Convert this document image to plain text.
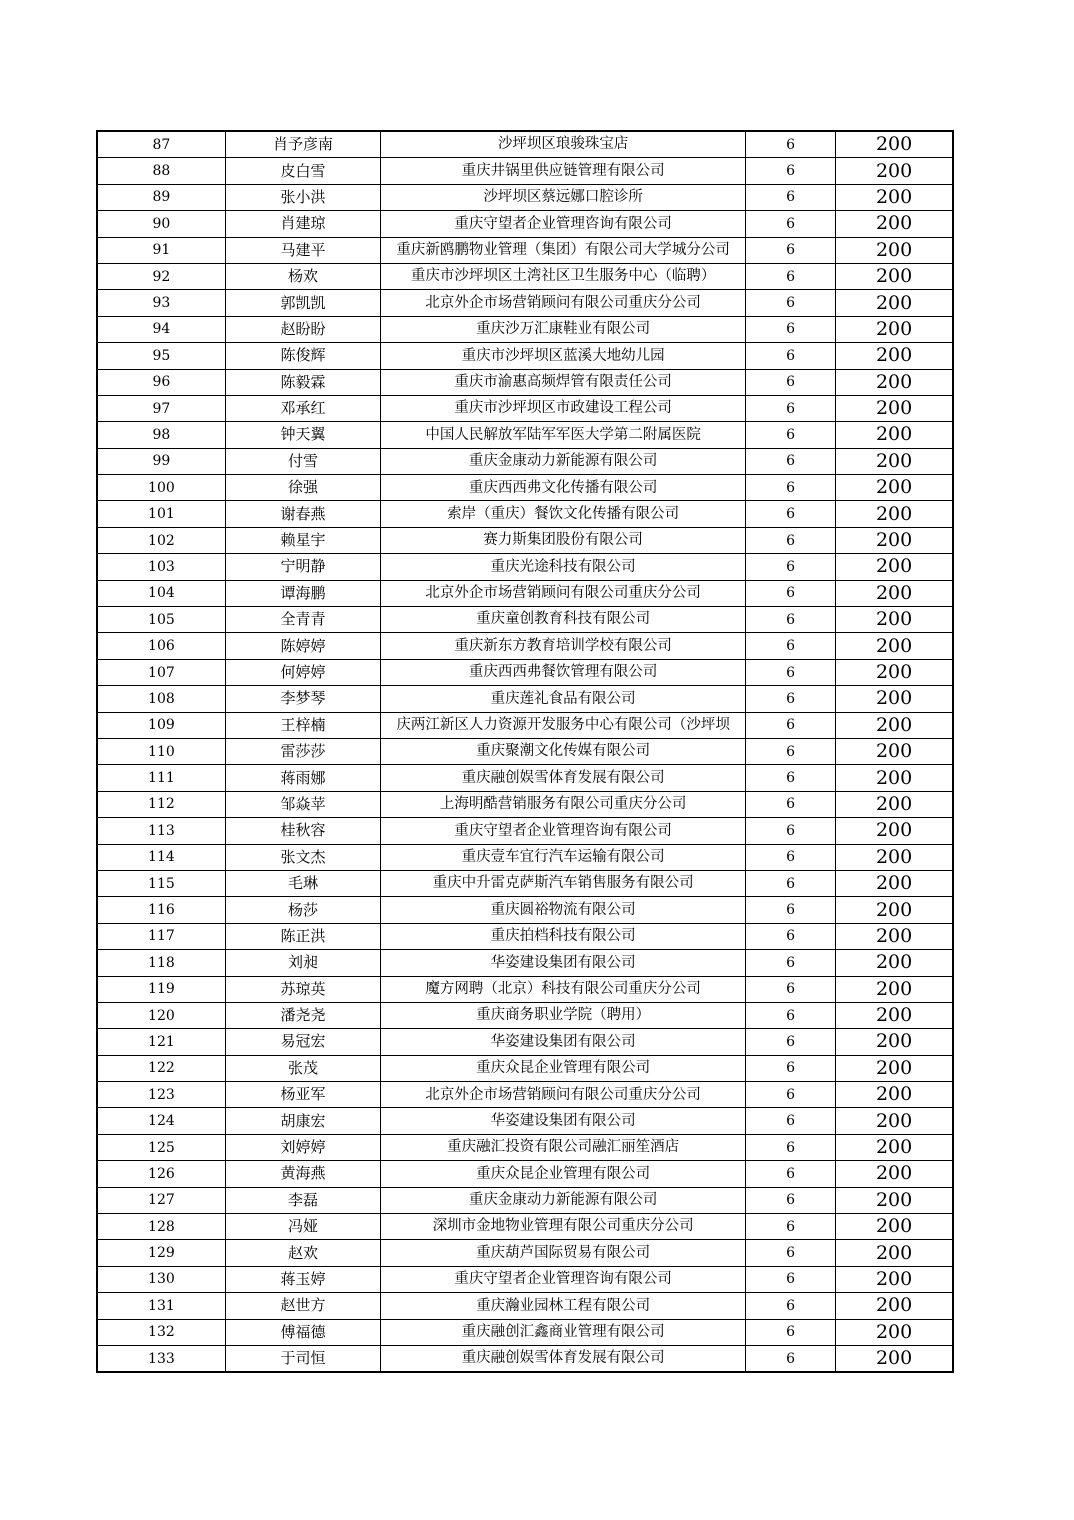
87	肖予彦南	沙坪坝区琅骏珠宝店	6	200
88	皮白雪	重庆井锅里供应链管理有限公司	6	200
89	张小洪	沙坪坝区蔡远娜口腔诊所	6	200
90	肖建琼	重庆守望者企业管理咨询有限公司	6	200
91	马建平	重庆新鸥鹏物业管理（集团）有限公司大学城分公司	6	200
92	杨欢	重庆市沙坪坝区土湾社区卫生服务中心（临聘）	6	200
93	郭凯凯	北京外企市场营销顾问有限公司重庆分公司	6	200
94	赵盼盼	重庆沙万汇康鞋业有限公司	6	200
95	陈俊辉	重庆市沙坪坝区蓝溪大地幼儿园	6	200
96	陈毅霖	重庆市渝惠高频焊管有限责任公司	6	200
97	邓承红	重庆市沙坪坝区市政建设工程公司	6	200
98	钟天翼	中国人民解放军陆军军医大学第二附属医院	6	200
99	付雪	重庆金康动力新能源有限公司	6	200
100	徐强	重庆西西弗文化传播有限公司	6	200
101	谢春燕	索岸（重庆）餐饮文化传播有限公司	6	200
102	赖星宇	赛力斯集团股份有限公司	6	200
103	宁明静	重庆光途科技有限公司	6	200
104	谭海鹏	北京外企市场营销顾问有限公司重庆分公司	6	200
105	全青青	重庆童创教育科技有限公司	6	200
106	陈婷婷	重庆新东方教育培训学校有限公司	6	200
107	何婷婷	重庆西西弗餐饮管理有限公司	6	200
108	李梦琴	重庆莲礼食品有限公司	6	200
109	王梓楠	庆两江新区人力资源开发服务中心有限公司（沙坪坝	6	200
110	雷莎莎	重庆聚潮文化传媒有限公司	6	200
111	蒋雨娜	重庆融创娱雪体育发展有限公司	6	200
112	邹焱苹	上海明酷营销服务有限公司重庆分公司	6	200
113	桂秋容	重庆守望者企业管理咨询有限公司	6	200
114	张文杰	重庆壹车宜行汽车运输有限公司	6	200
115	毛琳	重庆中升雷克萨斯汽车销售服务有限公司	6	200
116	杨莎	重庆圆裕物流有限公司	6	200
117	陈正洪	重庆拍档科技有限公司	6	200
118	刘昶	华姿建设集团有限公司	6	200
119	苏琼英	魔方网聘（北京）科技有限公司重庆分公司	6	200
120	潘尧尧	重庆商务职业学院（聘用）	6	200
121	易冠宏	华姿建设集团有限公司	6	200
122	张茂	重庆众昆企业管理有限公司	6	200
123	杨亚军	北京外企市场营销顾问有限公司重庆分公司	6	200
124	胡康宏	华姿建设集团有限公司	6	200
125	刘婷婷	重庆融汇投资有限公司融汇丽笙酒店	6	200
126	黄海燕	重庆众昆企业管理有限公司	6	200
127	李磊	重庆金康动力新能源有限公司	6	200
128	冯娅	深圳市金地物业管理有限公司重庆分公司	6	200
129	赵欢	重庆葫芦国际贸易有限公司	6	200
130	蒋玉婷	重庆守望者企业管理咨询有限公司	6	200
131	赵世方	重庆瀚业园林工程有限公司	6	200
132	傅福德	重庆融创汇鑫商业管理有限公司	6	200
133	于司恒	重庆融创娱雪体育发展有限公司	6	200
